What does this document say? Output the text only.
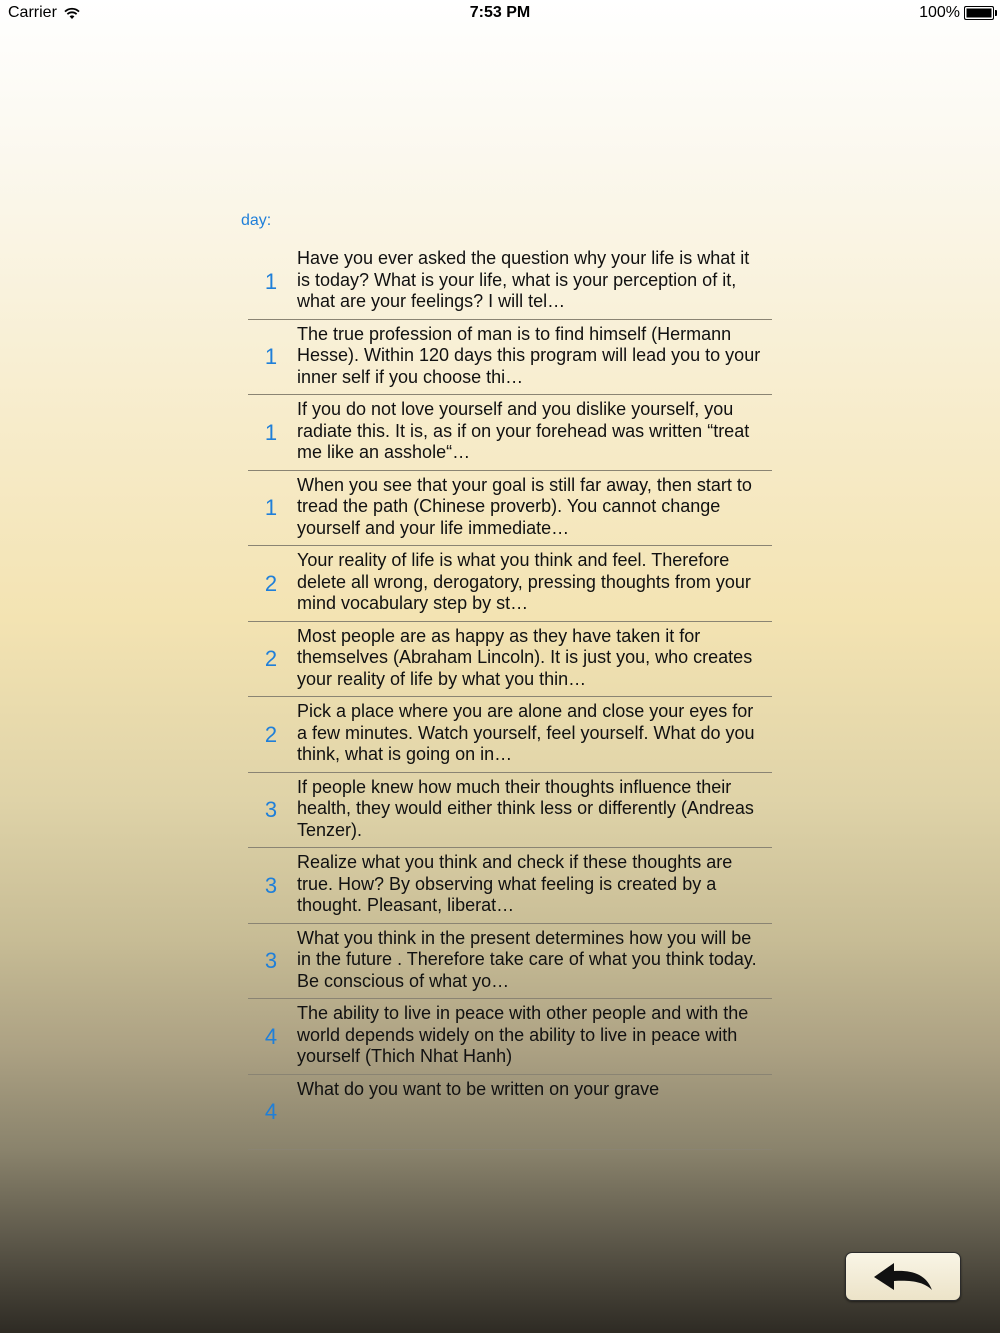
Carrier	7:53 PM	100%
day:
1
Have you ever asked the question why your life is what it is today? What is your life, what is your perception of it, what are your feelings? I will tel…
1
The true profession of man is to find himself (Hermann Hesse). Within 120 days this program will lead you to your inner self if you choose thi…
1
If you do not love yourself and you dislike yourself, you radiate this. It is, as if on your forehead was written “treat me like an asshole“…
1
When you see that your goal is still far away, then start to tread the path (Chinese proverb). You cannot change yourself and your life immediate…
2
Your reality of life is what you think and feel. Therefore delete all wrong, derogatory, pressing thoughts from your mind vocabulary step by st…
2
Most people are as happy as they have taken it for themselves (Abraham Lincoln). It is just you, who creates your reality of life by what you thin…
2
Pick a place where you are alone and close your eyes for a few minutes. Watch yourself, feel yourself. What do you think, what is going on in…
3
If people knew how much their thoughts influence their health, they would either think less or differently (Andreas Tenzer).
3
Realize what you think and check if these thoughts are true. How? By observing what feeling is created by a thought. Pleasant, liberat…
3
What you think in the present determines how you will be in the future . Therefore take care of what you think today. Be conscious of what yo…
4
The ability to live in peace with other people and with the world depends widely on the ability to live in peace with yourself (Thich Nhat Hanh)
4
What do you want to be written on your grave
